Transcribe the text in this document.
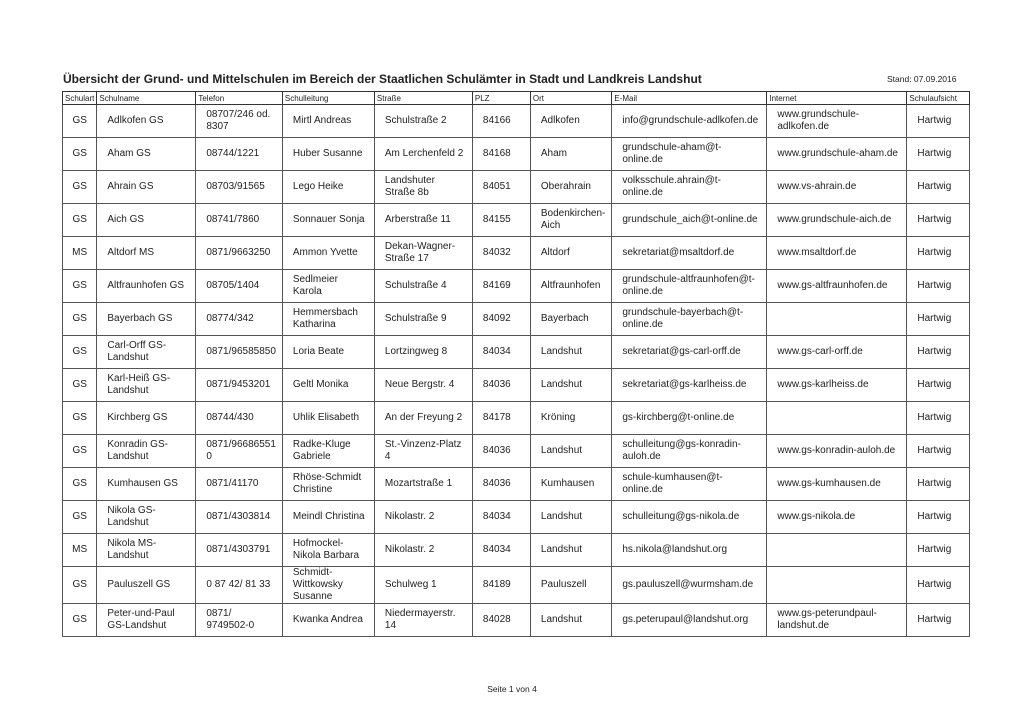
Übersicht der Grund- und Mittelschulen im Bereich der Staatlichen Schulämter in Stadt und Landkreis Landshut	Stand: 07.09.2016
Schulart	Schulname	Telefon	Schulleitung	Straße	PLZ	Ort	E-Mail	Internet	Schulaufsicht
GS	Adlkofen GS	08707/246 od. 8307	Mirtl Andreas	Schulstraße 2	84166	Adlkofen	info@grundschule-adlkofen.de	www.grundschule-adlkofen.de	Hartwig
GS	Aham GS	08744/1221	Huber Susanne	Am Lerchenfeld 2	84168	Aham	grundschule-aham@t-online.de	www.grundschule-aham.de	Hartwig
GS	Ahrain GS	08703/91565	Lego Heike	Landshuter Straße 8b	84051	Oberahrain	volksschule.ahrain@t-online.de	www.vs-ahrain.de	Hartwig
GS	Aich GS	08741/7860	Sonnauer Sonja	Arberstraße 11	84155	Bodenkirchen-Aich	grundschule_aich@t-online.de	www.grundschule-aich.de	Hartwig
MS	Altdorf MS	0871/9663250	Ammon Yvette	Dekan-Wagner-Straße 17	84032	Altdorf	sekretariat@msaltdorf.de	www.msaltdorf.de	Hartwig
GS	Altfraunhofen GS	08705/1404	Sedlmeier Karola	Schulstraße 4	84169	Altfraunhofen	grundschule-altfraunhofen@t-online.de	www.gs-altfraunhofen.de	Hartwig
GS	Bayerbach GS	08774/342	Hemmersbach Katharina	Schulstraße 9	84092	Bayerbach	grundschule-bayerbach@t-online.de		Hartwig
GS	Carl-Orff GS-Landshut	0871/96585850	Loria Beate	Lortzingweg 8	84034	Landshut	sekretariat@gs-carl-orff.de	www.gs-carl-orff.de	Hartwig
GS	Karl-Heiß GS-Landshut	0871/9453201	Geltl Monika	Neue Bergstr. 4	84036	Landshut	sekretariat@gs-karlheiss.de	www.gs-karlheiss.de	Hartwig
GS	Kirchberg GS	08744/430	Uhlik Elisabeth	An der Freyung 2	84178	Kröning	gs-kirchberg@t-online.de		Hartwig
GS	Konradin GS-Landshut	0871/96686551 0	Radke-Kluge Gabriele	St.-Vinzenz-Platz 4	84036	Landshut	schulleitung@gs-konradin-auloh.de	www.gs-konradin-auloh.de	Hartwig
GS	Kumhausen GS	0871/41170	Rhöse-Schmidt Christine	Mozartstraße 1	84036	Kumhausen	schule-kumhausen@t-online.de	www.gs-kumhausen.de	Hartwig
GS	Nikola GS-Landshut	0871/4303814	Meindl Christina	Nikolastr. 2	84034	Landshut	schulleitung@gs-nikola.de	www.gs-nikola.de	Hartwig
MS	Nikola MS-Landshut	0871/4303791	Hofmockel-Nikola Barbara	Nikolastr. 2	84034	Landshut	hs.nikola@landshut.org		Hartwig
GS	Pauluszell GS	0 87 42/ 81 33	Schmidt-Wittkowsky Susanne	Schulweg 1	84189	Pauluszell	gs.pauluszell@wurmsham.de		Hartwig
GS	Peter-und-Paul GS-Landshut	0871/ 9749502-0	Kwanka Andrea	Niedermayerstr. 14	84028	Landshut	gs.peterupaul@landshut.org	www.gs-peterundpaul-landshut.de	Hartwig
Seite 1 von 4
